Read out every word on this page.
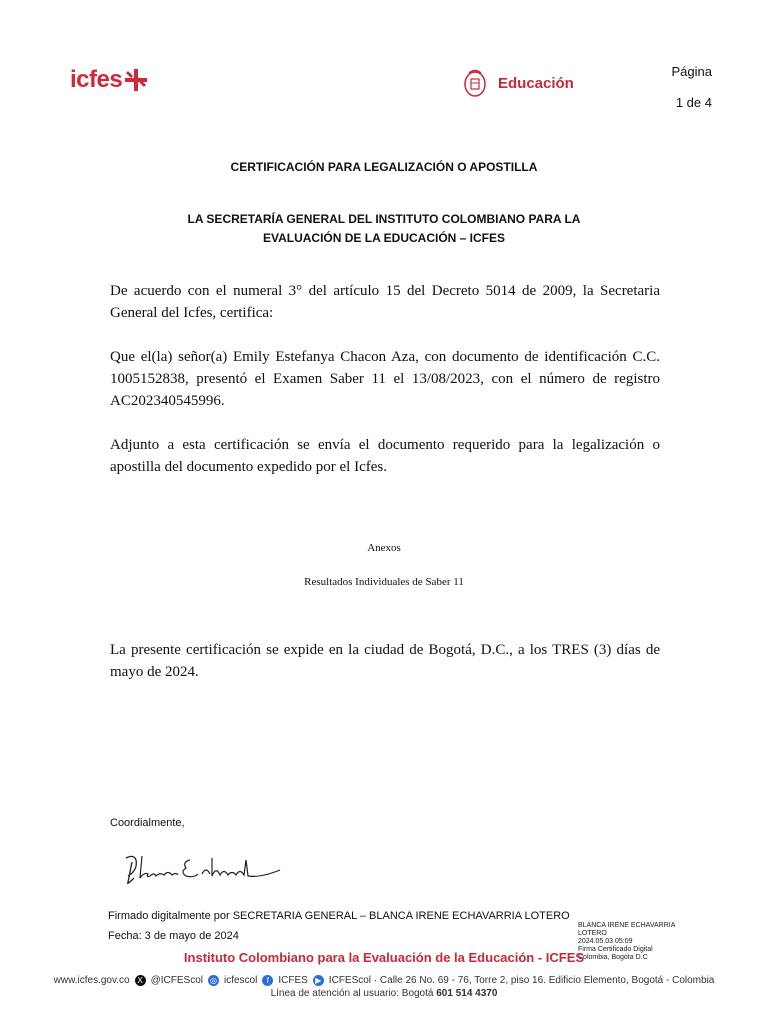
icfes	Educación
Página
1 de 4
CERTIFICACIÓN PARA LEGALIZACIÓN O APOSTILLA
LA SECRETARÍA GENERAL DEL INSTITUTO COLOMBIANO PARA LA
EVALUACIÓN DE LA EDUCACIÓN – ICFES
De acuerdo con el numeral 3° del artículo 15 del Decreto 5014 de 2009, la Secretaria General del Icfes, certifica:
Que el(la) señor(a) Emily Estefanya Chacon Aza, con documento de identificación C.C. 1005152838, presentó el Examen Saber 11 el 13/08/2023, con el número de registro AC202340545996.
Adjunto a esta certificación se envía el documento requerido para la legalización o apostilla del documento expedido por el Icfes.
Anexos
Resultados Individuales de Saber 11
La presente certificación se expide en la ciudad de Bogotá, D.C., a los TRES (3) días de mayo de 2024.
Coordialmente,
Firmado digitalmente por SECRETARIA GENERAL – BLANCA IRENE ECHAVARRIA LOTERO
Fecha: 3 de mayo de 2024
BLANCA IRENE ECHAVARRIA
LOTERO
2024.05.03 05:09
Firma Certificado Digital
Colombia, Bogota D.C
Instituto Colombiano para la Evaluación de la Educación - ICFES
www.icfes.gov.co X @ICFEScol ◎ icfescol	f ICFES ▶ ICFEScol · Calle 26 No. 69 - 76, Torre 2, piso 16. Edificio Elemento, Bogotá - Colombia
Línea de atención al usuario: Bogotá 601 514 4370
